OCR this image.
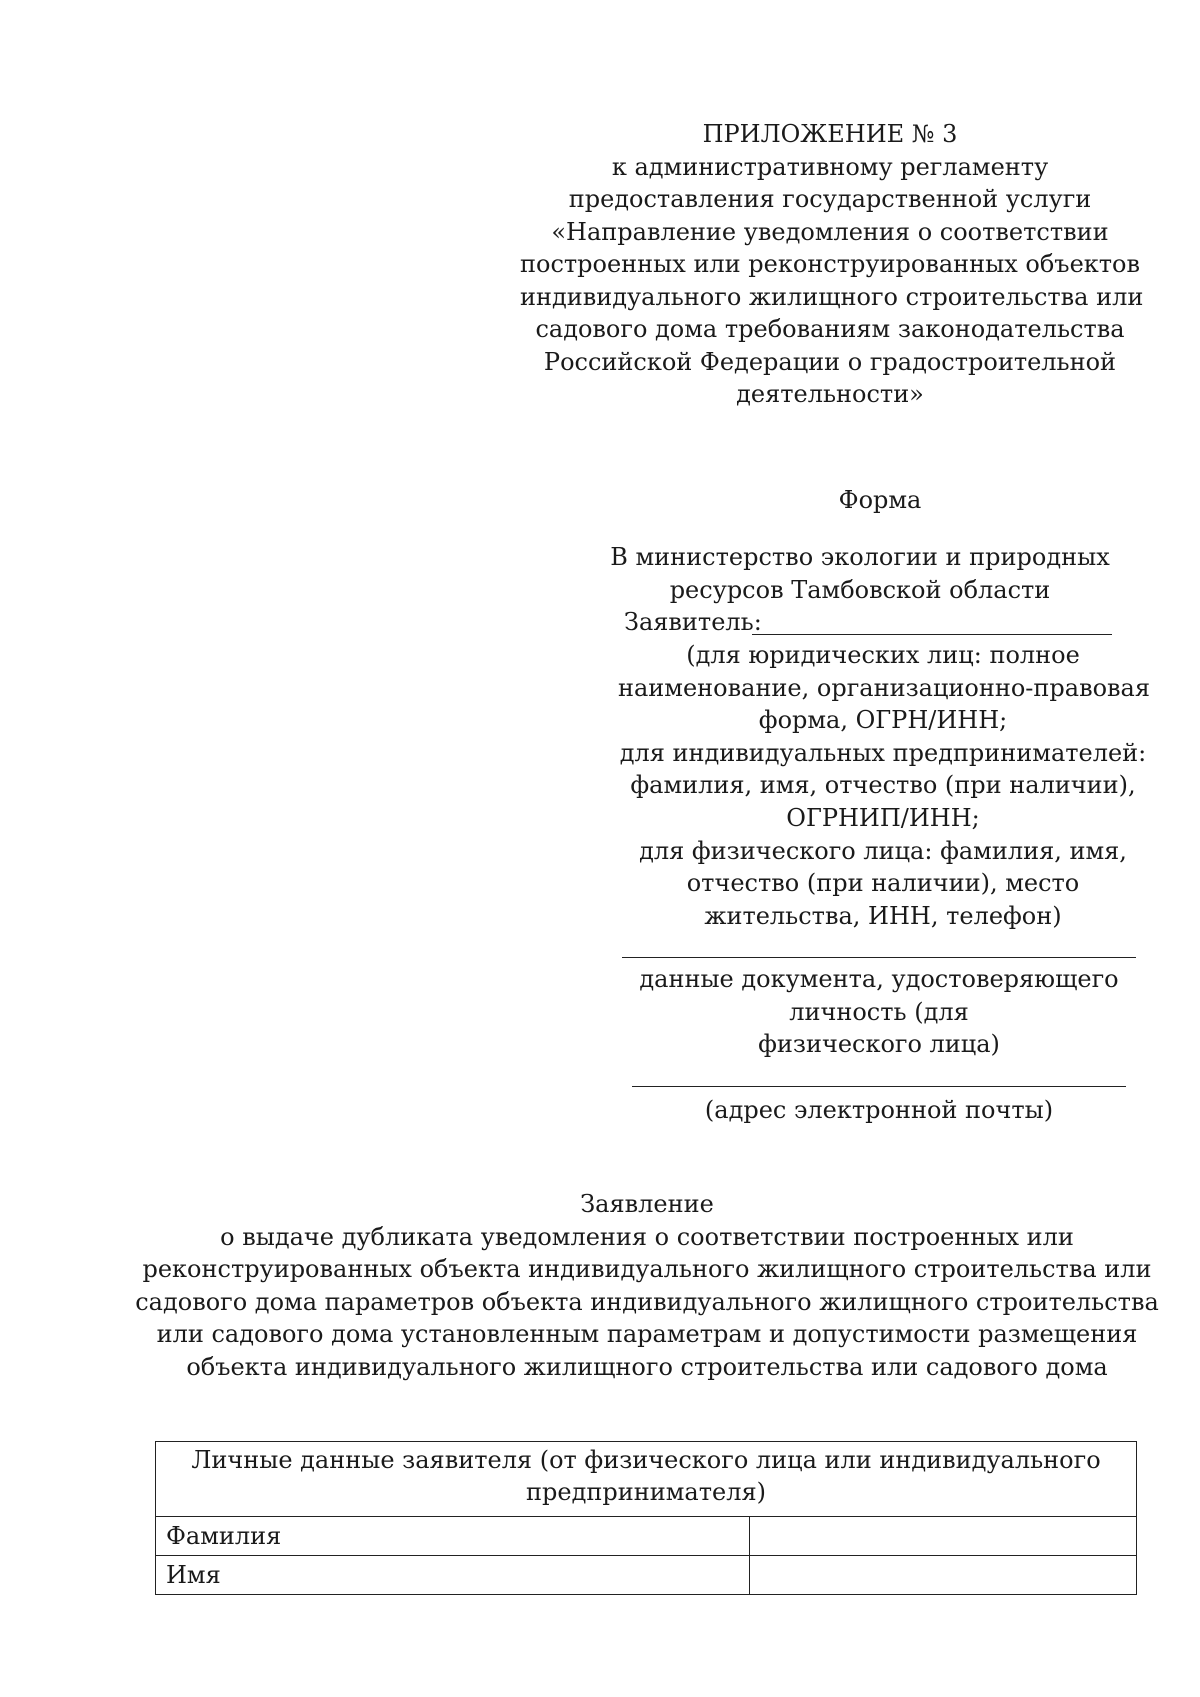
ПРИЛОЖЕНИЕ № 3
к административному регламенту
предоставления государственной услуги
«Направление уведомления о соответствии
построенных или реконструированных объектов
индивидуального жилищного строительства или
садового дома требованиям законодательства
Российской Федерации о градостроительной
деятельности»
Форма
В министерство экологии и природных
ресурсов Тамбовской области
Заявитель:
(для юридических лиц: полное
наименование, организационно-правовая
форма, ОГРН/ИНН;
для индивидуальных предпринимателей:
фамилия, имя, отчество (при наличии),
ОГРНИП/ИНН;
для физического лица: фамилия, имя,
отчество (при наличии), место
жительства, ИНН, телефон)
данные документа, удостоверяющего
личность (для
физического лица)
(адрес электронной почты)
Заявление
о выдаче дубликата уведомления о соответствии построенных или
реконструированных объекта индивидуального жилищного строительства или
садового дома параметров объекта индивидуального жилищного строительства
или садового дома установленным параметрам и допустимости размещения
объекта индивидуального жилищного строительства или садового дома
Личные данные заявителя (от физического лица или индивидуального
предпринимателя)	

Фамилия	
Имя	
